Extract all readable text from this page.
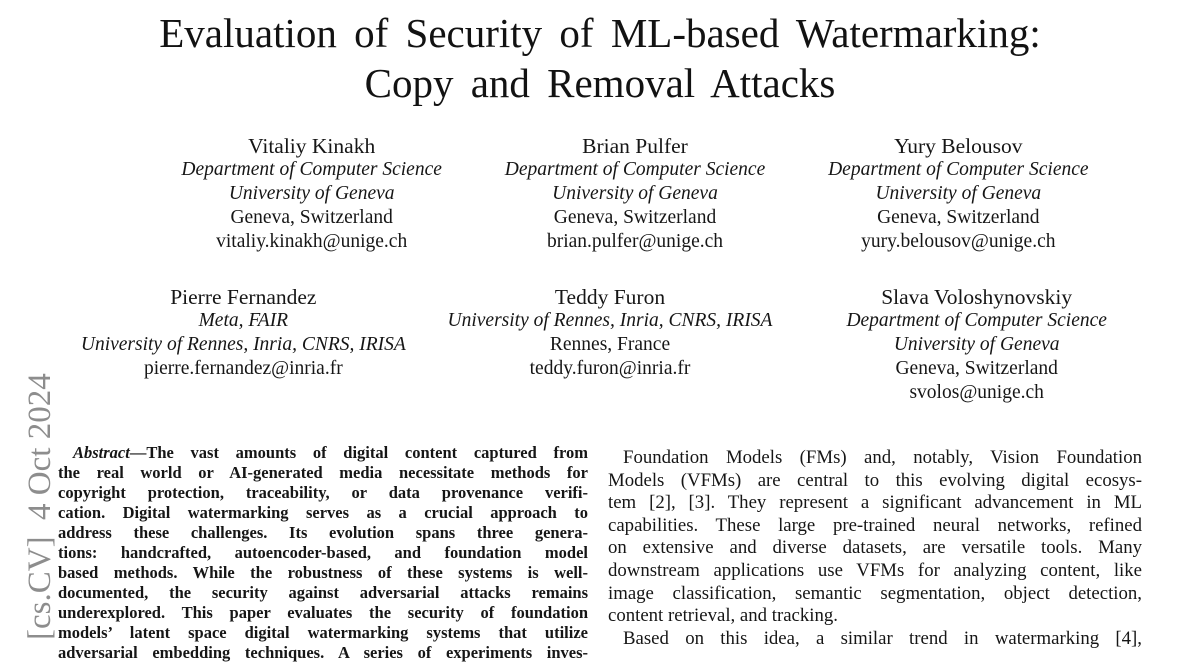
[cs.CV]  4 Oct 2024
Evaluation of Security of ML-based Watermarking:
Copy and Removal Attacks
Vitaliy Kinakh
Department of Computer Science
University of Geneva
Geneva, Switzerland
vitaliy.kinakh@unige.ch
Brian Pulfer
Department of Computer Science
University of Geneva
Geneva, Switzerland
brian.pulfer@unige.ch
Yury Belousov
Department of Computer Science
University of Geneva
Geneva, Switzerland
yury.belousov@unige.ch
Pierre Fernandez
Meta, FAIR
University of Rennes, Inria, CNRS, IRISA
pierre.fernandez@inria.fr
Teddy Furon
University of Rennes, Inria, CNRS, IRISA
Rennes, France
teddy.furon@inria.fr
Slava Voloshynovskiy
Department of Computer Science
University of Geneva
Geneva, Switzerland
svolos@unige.ch
Abstract—The vast amounts of digital content captured from
the real world or AI-generated media necessitate methods for
copyright protection, traceability, or data provenance verifi-
cation. Digital watermarking serves as a crucial approach to
address these challenges. Its evolution spans three genera-
tions: handcrafted, autoencoder-based, and foundation model
based methods. While the robustness of these systems is well-
documented, the security against adversarial attacks remains
underexplored. This paper evaluates the security of foundation
models’ latent space digital watermarking systems that utilize
adversarial embedding techniques. A series of experiments inves-
Foundation Models (FMs) and, notably, Vision Foundation
Models (VFMs) are central to this evolving digital ecosys-
tem [2], [3]. They represent a significant advancement in ML
capabilities. These large pre-trained neural networks, refined
on extensive and diverse datasets, are versatile tools. Many
downstream applications use VFMs for analyzing content, like
image classification, semantic segmentation, object detection,
content retrieval, and tracking.
Based on this idea, a similar trend in watermarking [4],
